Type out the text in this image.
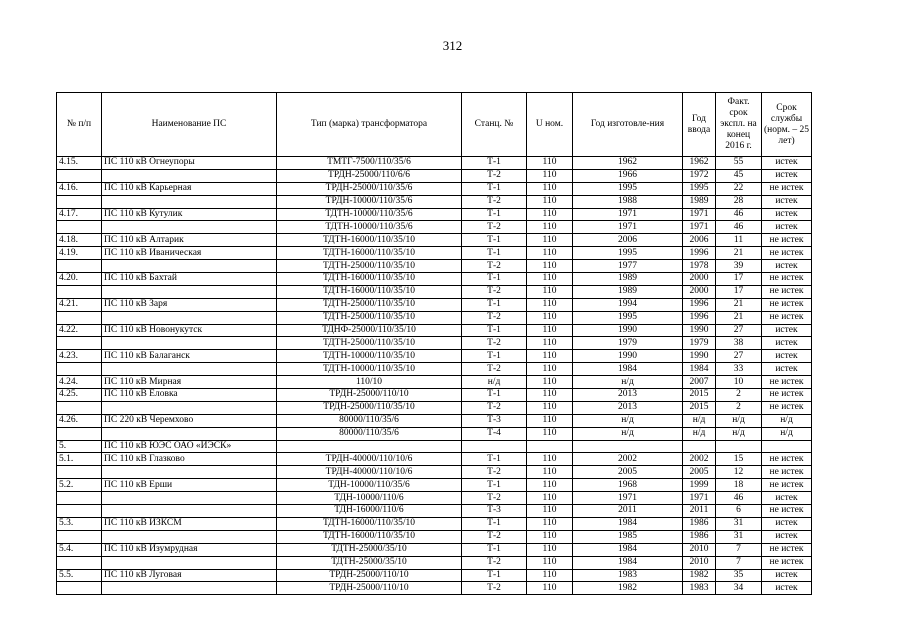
312
№ п/п	Наименование ПС	Тип (марка) трансформатора	Станц. №	U ном.	Год изготовле-ния	Год ввода	Факт. срок экспл. на конец 2016 г.	Срок службы (норм. – 25 лет)
4.15.	ПС 110 кВ Огнеупоры	ТМТГ-7500/110/35/6	Т-1	110	1962	1962	55	истек
		ТРДН-25000/110/6/6	Т-2	110	1966	1972	45	истек
4.16.	ПС 110 кВ Карьерная	ТРДН-25000/110/35/6	Т-1	110	1995	1995	22	не истек
		ТРДН-10000/110/35/6	Т-2	110	1988	1989	28	истек
4.17.	ПС 110 кВ Кутулик	ТДТН-10000/110/35/6	Т-1	110	1971	1971	46	истек
		ТДТН-10000/110/35/6	Т-2	110	1971	1971	46	истек
4.18.	ПС 110 кВ Алтарик	ТДТН-16000/110/35/10	Т-1	110	2006	2006	11	не истек
4.19.	ПС 110 кВ Иваническая	ТДТН-16000/110/35/10	Т-1	110	1995	1996	21	не истек
		ТДТН-25000/110/35/10	Т-2	110	1977	1978	39	истек
4.20.	ПС 110 кВ Бахтай	ТДТН-16000/110/35/10	Т-1	110	1989	2000	17	не истек
		ТДТН-16000/110/35/10	Т-2	110	1989	2000	17	не истек
4.21.	ПС 110 кВ Заря	ТДТН-25000/110/35/10	Т-1	110	1994	1996	21	не истек
		ТДТН-25000/110/35/10	Т-2	110	1995	1996	21	не истек
4.22.	ПС 110 кВ Новонукутск	ТДНФ-25000/110/35/10	Т-1	110	1990	1990	27	истек
		ТДТН-25000/110/35/10	Т-2	110	1979	1979	38	истек
4.23.	ПС 110 кВ Балаганск	ТДТН-10000/110/35/10	Т-1	110	1990	1990	27	истек
		ТДТН-10000/110/35/10	Т-2	110	1984	1984	33	истек
4.24.	ПС 110 кВ Мирная	110/10	н/д	110	н/д	2007	10	не истек
4.25.	ПС 110 кВ Еловка	ТРДН-25000/110/10	Т-1	110	2013	2015	2	не истек
		ТРДН-25000/110/35/10	Т-2	110	2013	2015	2	не истек
4.26.	ПС 220 кВ Черемхово	80000/110/35/6	Т-3	110	н/д	н/д	н/д	н/д
		80000/110/35/6	Т-4	110	н/д	н/д	н/д	н/д
5.	ПС 110 кВ ЮЭС ОАО «ИЭСК»							
5.1.	ПС 110 кВ Глазково	ТРДН-40000/110/10/6	Т-1	110	2002	2002	15	не истек
		ТРДН-40000/110/10/6	Т-2	110	2005	2005	12	не истек
5.2.	ПС 110 кВ Ерши	ТДН-10000/110/35/6	Т-1	110	1968	1999	18	не истек
		ТДН-10000/110/6	Т-2	110	1971	1971	46	истек
		ТДН-16000/110/6	Т-3	110	2011	2011	6	не истек
5.3.	ПС 110 кВ ИЗКСМ	ТДТН-16000/110/35/10	Т-1	110	1984	1986	31	истек
		ТДТН-16000/110/35/10	Т-2	110	1985	1986	31	истек
5.4.	ПС 110 кВ Изумрудная	ТДТН-25000/35/10	Т-1	110	1984	2010	7	не истек
		ТДТН-25000/35/10	Т-2	110	1984	2010	7	не истек
5.5.	ПС 110 кВ Луговая	ТРДН-25000/110/10	Т-1	110	1983	1982	35	истек
		ТРДН-25000/110/10	Т-2	110	1982	1983	34	истек
